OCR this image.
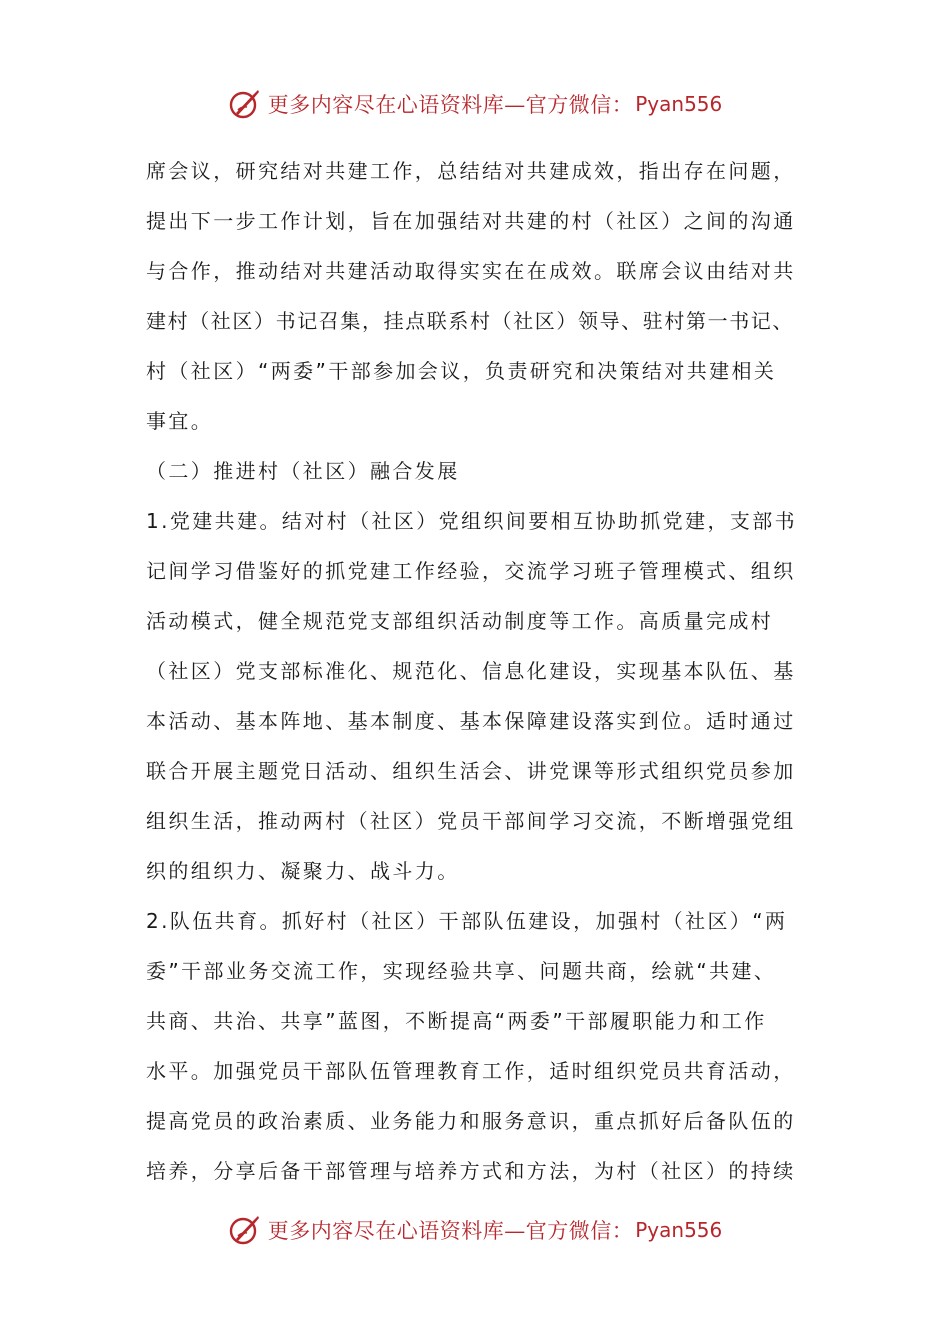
更多内容尽在心语资料库—官方微信： Pyan556
席会议，研究结对共建工作，总结结对共建成效，指出存在问题，
提出下一步工作计划，旨在加强结对共建的村（社区）之间的沟通
与合作，推动结对共建活动取得实实在在成效。联席会议由结对共
建村（社区）书记召集，挂点联系村（社区）领导、驻村第一书记、
村（社区）“两委”干部参加会议，负责研究和决策结对共建相关
事宜。
（二）推进村（社区）融合发展
1.党建共建。结对村（社区）党组织间要相互协助抓党建，支部书
记间学习借鉴好的抓党建工作经验，交流学习班子管理模式、组织
活动模式，健全规范党支部组织活动制度等工作。高质量完成村
（社区）党支部标准化、规范化、信息化建设，实现基本队伍、基
本活动、基本阵地、基本制度、基本保障建设落实到位。适时通过
联合开展主题党日活动、组织生活会、讲党课等形式组织党员参加
组织生活，推动两村（社区）党员干部间学习交流，不断增强党组
织的组织力、凝聚力、战斗力。
2.队伍共育。抓好村（社区）干部队伍建设，加强村（社区）“两
委”干部业务交流工作，实现经验共享、问题共商，绘就“共建、
共商、共治、共享”蓝图，不断提高“两委”干部履职能力和工作
水平。加强党员干部队伍管理教育工作，适时组织党员共育活动，
提高党员的政治素质、业务能力和服务意识，重点抓好后备队伍的
培养，分享后备干部管理与培养方式和方法，为村（社区）的持续
更多内容尽在心语资料库—官方微信： Pyan556
